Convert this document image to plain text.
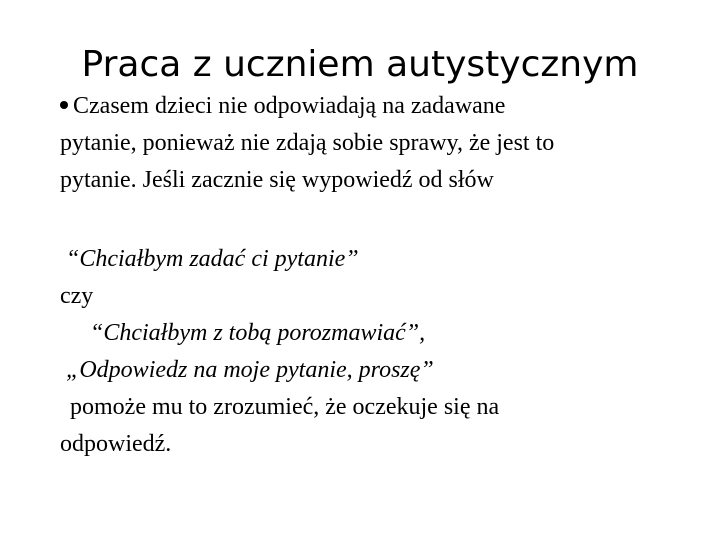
Praca z uczniem autystycznym
Czasem dzieci nie odpowiadają na zadawane
pytanie, ponieważ nie zdają sobie sprawy, że jest to
pytanie. Jeśli zacznie się wypowiedź od słów
“Chciałbym zadać ci pytanie”
czy
“Chciałbym z tobą porozmawiać”,
„Odpowiedz na moje pytanie, proszę”
pomoże mu to zrozumieć, że oczekuje się na
odpowiedź.
